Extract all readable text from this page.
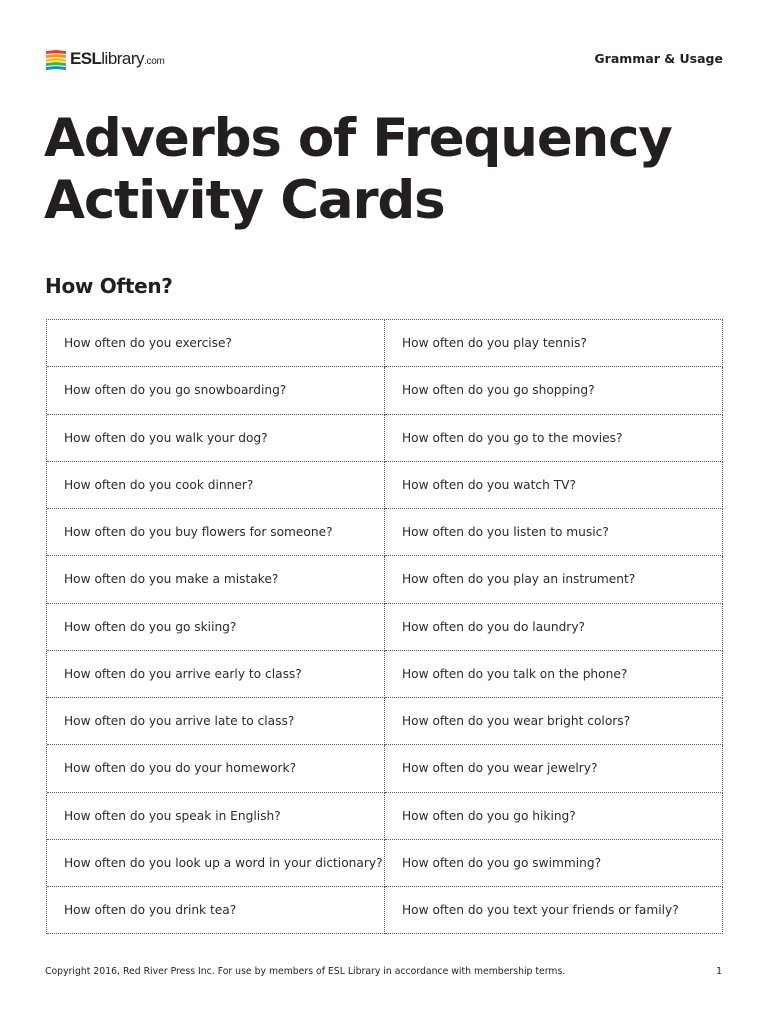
ESLlibrary.com	Grammar & Usage
Adverbs of Frequency
Activity Cards
How Often?
How often do you exercise?	How often do you play tennis?
How often do you go snowboarding?	How often do you go shopping?
How often do you walk your dog?	How often do you go to the movies?
How often do you cook dinner?	How often do you watch TV?
How often do you buy flowers for someone?	How often do you listen to music?
How often do you make a mistake?	How often do you play an instrument?
How often do you go skiing?	How often do you do laundry?
How often do you arrive early to class?	How often do you talk on the phone?
How often do you arrive late to class?	How often do you wear bright colors?
How often do you do your homework?	How often do you wear jewelry?
How often do you speak in English?	How often do you go hiking?
How often do you look up a word in your dictionary?	How often do you go swimming?
How often do you drink tea?	How often do you text your friends or family?
Copyright 2016, Red River Press Inc. For use by members of ESL Library in accordance with membership terms.	1
